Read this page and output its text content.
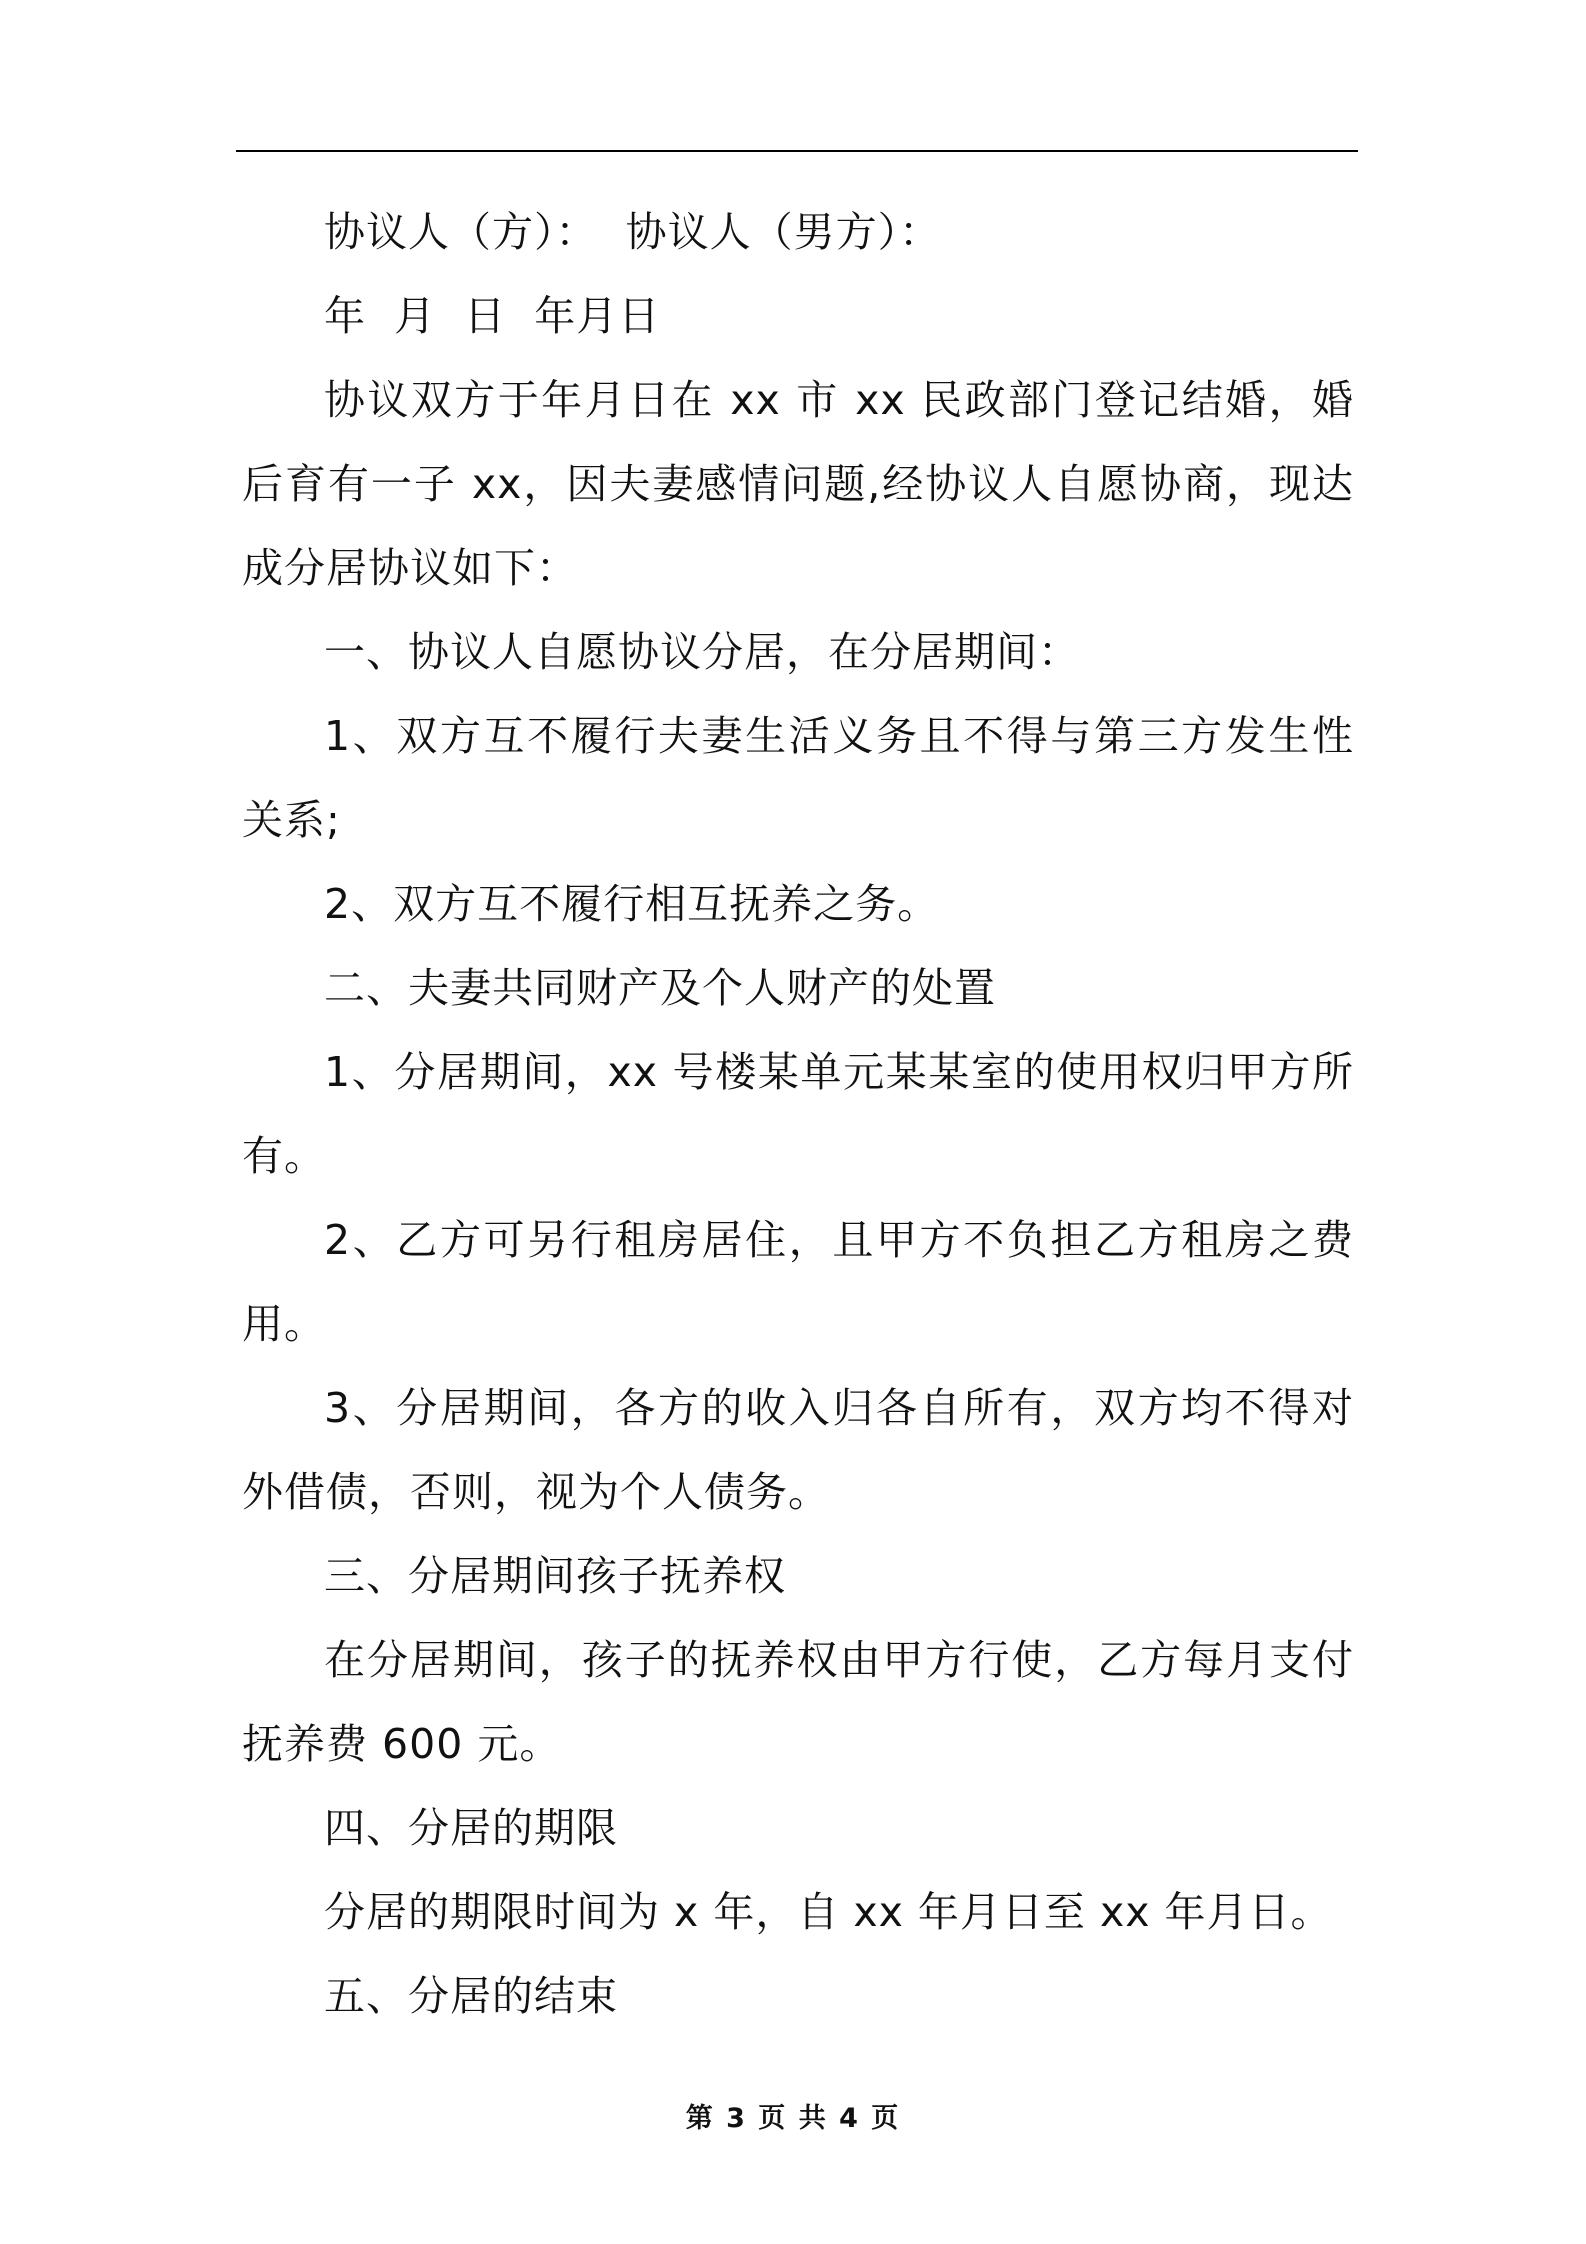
协议人（方）：  协议人（男方）：

年  月  日  年月日

协议双方于年月日在 xx 市 xx 民政部门登记结婚，婚后育有一子 xx，因夫妻感情问题,经协议人自愿协商，现达成分居协议如下：

一、协议人自愿协议分居，在分居期间：

1、双方互不履行夫妻生活义务且不得与第三方发生性关系;

2、双方互不履行相互抚养之务。

二、夫妻共同财产及个人财产的处置

1、分居期间，xx 号楼某单元某某室的使用权归甲方所有。

2、乙方可另行租房居住，且甲方不负担乙方租房之费用。

3、分居期间，各方的收入归各自所有，双方均不得对外借债，否则，视为个人债务。

三、分居期间孩子抚养权

在分居期间，孩子的抚养权由甲方行使，乙方每月支付抚养费 600 元。

四、分居的期限

分居的期限时间为 x 年，自 xx 年月日至 xx 年月日。

五、分居的结束

第 3 页 共 4 页
